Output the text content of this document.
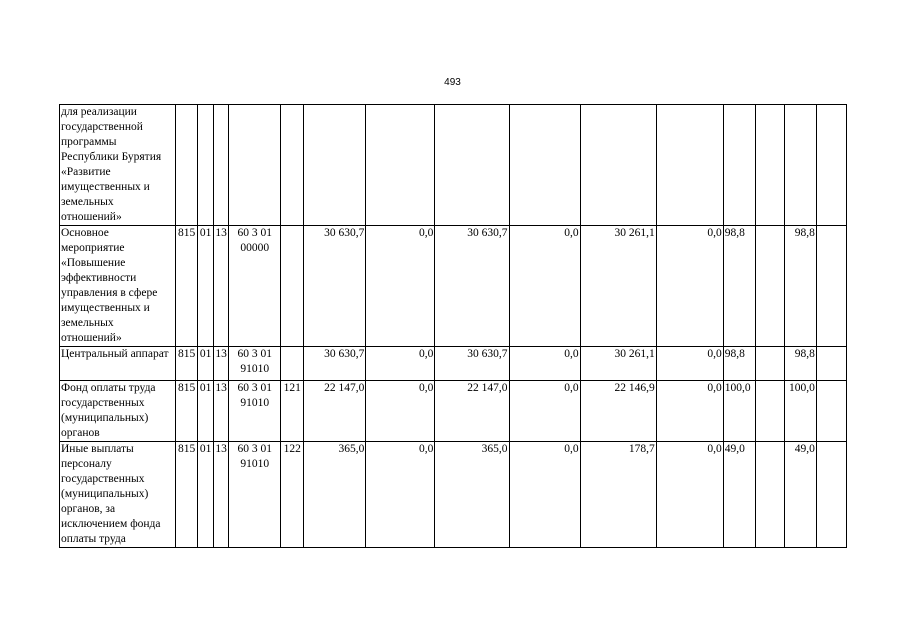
493
для реализации государственной программы Республики Бурятия «Развитие имущественных и земельных отношений»															
Основное мероприятие «Повышение эффективности управления в сфере имущественных и земельных отношений»	815	01	13	60 3 01 00000		30 630,7	0,0	30 630,7	0,0	30 261,1	0,0	98,8		98,8	
Центральный аппарат	815	01	13	60 3 01 91010		30 630,7	0,0	30 630,7	0,0	30 261,1	0,0	98,8		98,8	
Фонд оплаты труда государственных (муниципальных) органов	815	01	13	60 3 01 91010	121	22 147,0	0,0	22 147,0	0,0	22 146,9	0,0	100,0		100,0	
Иные выплаты персоналу государственных (муниципальных) органов, за исключением фонда оплаты труда	815	01	13	60 3 01 91010	122	365,0	0,0	365,0	0,0	178,7	0,0	49,0		49,0	
